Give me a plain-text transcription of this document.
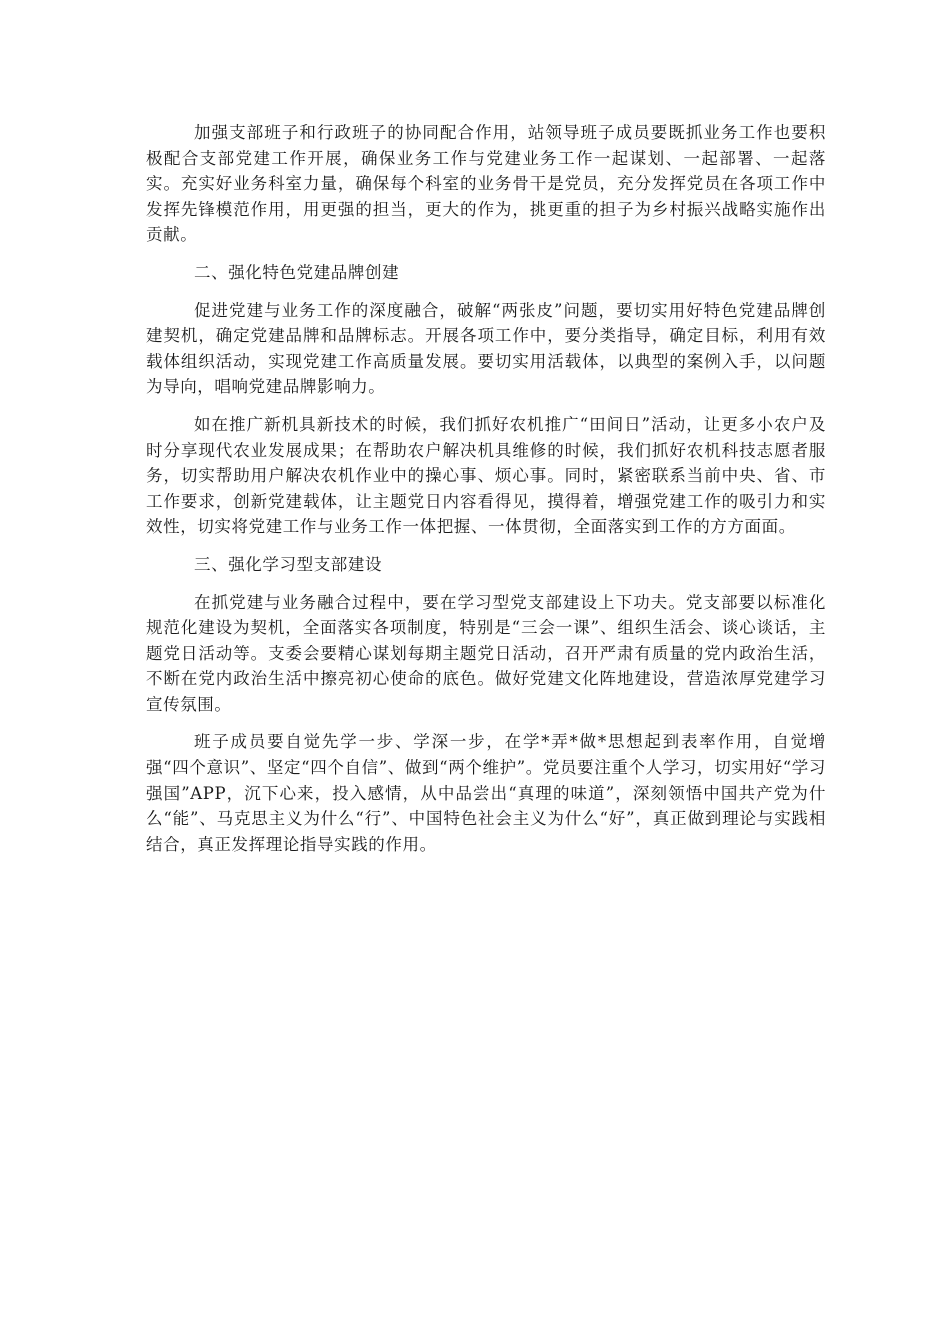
加强支部班子和行政班子的协同配合作用，站领导班子成员要既抓业务工作也要积极配合支部党建工作开展，确保业务工作与党建业务工作一起谋划、一起部署、一起落实。充实好业务科室力量，确保每个科室的业务骨干是党员，充分发挥党员在各项工作中发挥先锋模范作用，用更强的担当，更大的作为，挑更重的担子为乡村振兴战略实施作出贡献。

二、强化特色党建品牌创建

促进党建与业务工作的深度融合，破解“两张皮”问题，要切实用好特色党建品牌创建契机，确定党建品牌和品牌标志。开展各项工作中，要分类指导，确定目标，利用有效载体组织活动，实现党建工作高质量发展。要切实用活载体，以典型的案例入手，以问题为导向，唱响党建品牌影响力。

如在推广新机具新技术的时候，我们抓好农机推广“田间日”活动，让更多小农户及时分享现代农业发展成果；在帮助农户解决机具维修的时候，我们抓好农机科技志愿者服务，切实帮助用户解决农机作业中的操心事、烦心事。同时，紧密联系当前中央、省、市工作要求，创新党建载体，让主题党日内容看得见，摸得着，增强党建工作的吸引力和实效性，切实将党建工作与业务工作一体把握、一体贯彻，全面落实到工作的方方面面。

三、强化学习型支部建设

在抓党建与业务融合过程中，要在学习型党支部建设上下功夫。党支部要以标准化规范化建设为契机，全面落实各项制度，特别是“三会一课”、组织生活会、谈心谈话，主题党日活动等。支委会要精心谋划每期主题党日活动，召开严肃有质量的党内政治生活，不断在党内政治生活中擦亮初心使命的底色。做好党建文化阵地建设，营造浓厚党建学习宣传氛围。

班子成员要自觉先学一步、学深一步，在学*弄*做*思想起到表率作用，自觉增强“四个意识”、坚定“四个自信”、做到“两个维护”。党员要注重个人学习，切实用好“学习强国”APP，沉下心来，投入感情，从中品尝出“真理的味道”，深刻领悟中国共产党为什么“能”、马克思主义为什么“行”、中国特色社会主义为什么“好”，真正做到理论与实践相结合，真正发挥理论指导实践的作用。
